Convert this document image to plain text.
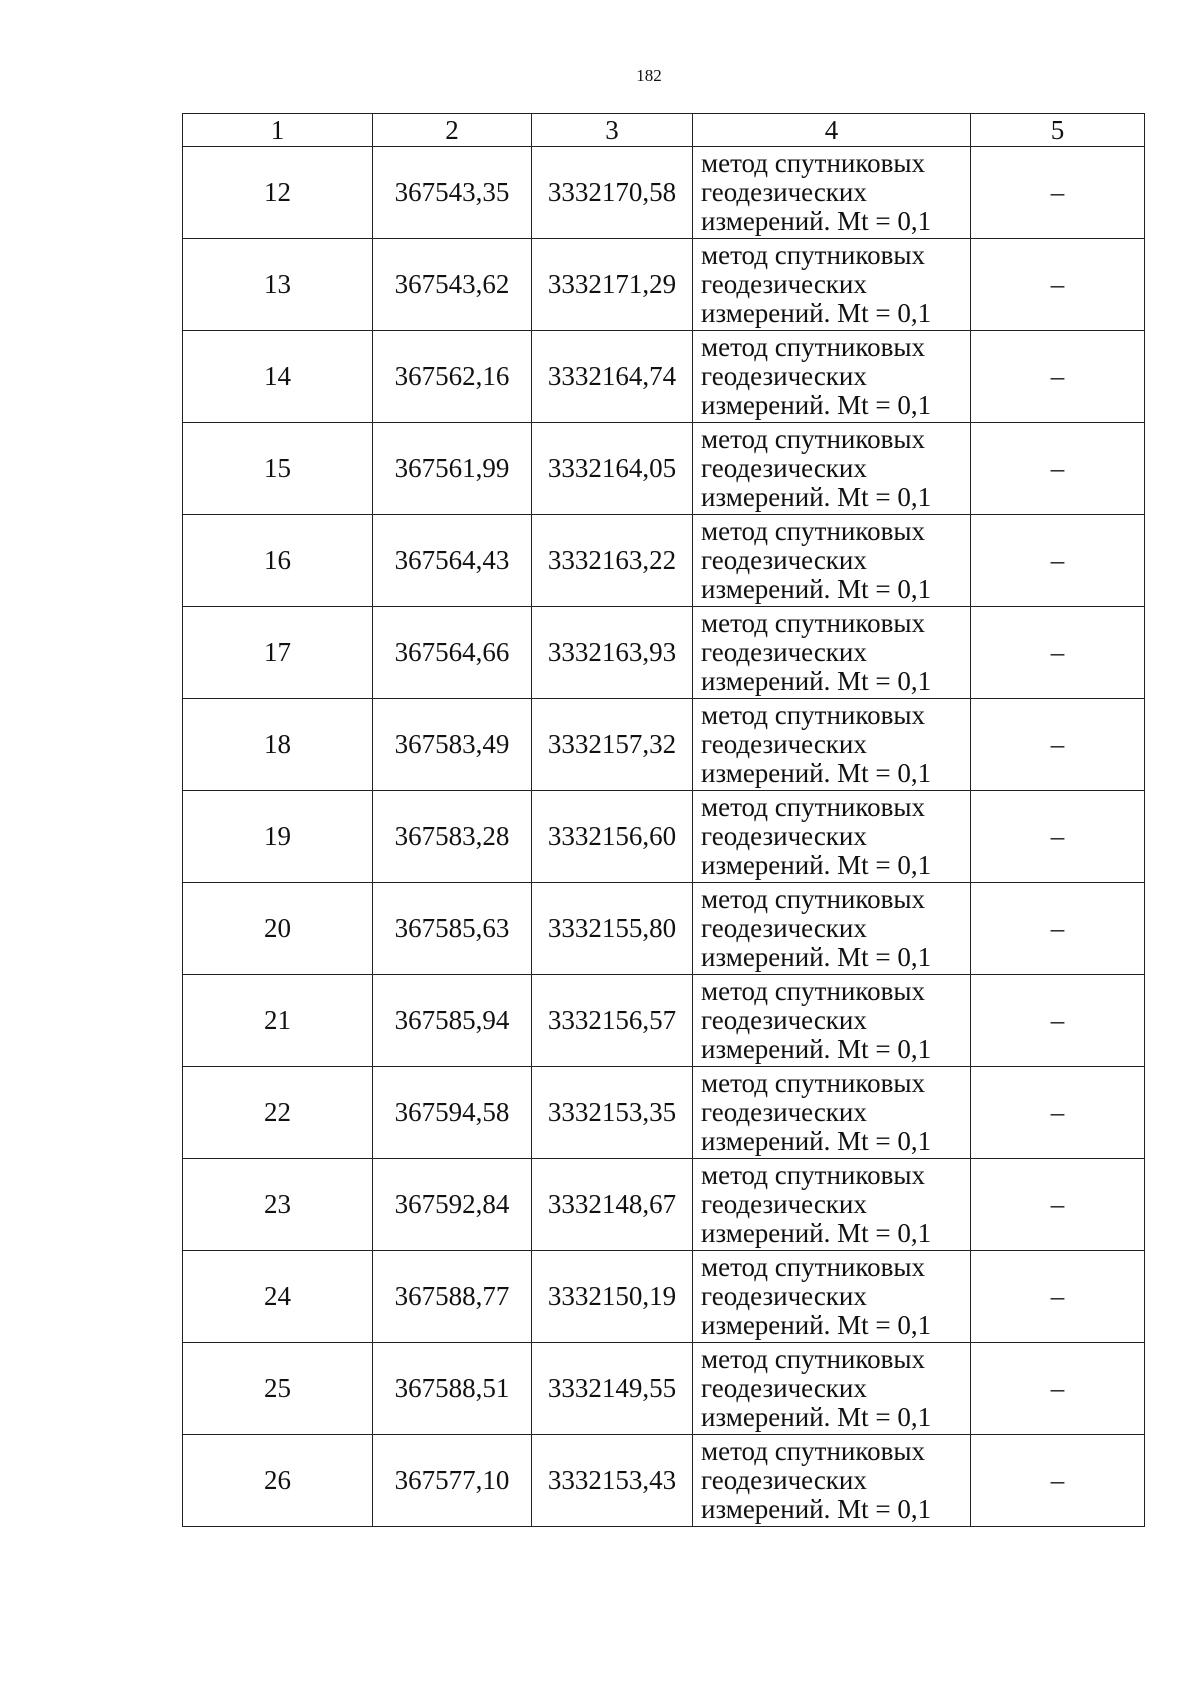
182
1	2	3	4	5
12	367543,35	3332170,58	метод спутниковых
геодезических
измерений. Mt = 0,1	–
13	367543,62	3332171,29	метод спутниковых
геодезических
измерений. Mt = 0,1	–
14	367562,16	3332164,74	метод спутниковых
геодезических
измерений. Mt = 0,1	–
15	367561,99	3332164,05	метод спутниковых
геодезических
измерений. Mt = 0,1	–
16	367564,43	3332163,22	метод спутниковых
геодезических
измерений. Mt = 0,1	–
17	367564,66	3332163,93	метод спутниковых
геодезических
измерений. Mt = 0,1	–
18	367583,49	3332157,32	метод спутниковых
геодезических
измерений. Mt = 0,1	–
19	367583,28	3332156,60	метод спутниковых
геодезических
измерений. Mt = 0,1	–
20	367585,63	3332155,80	метод спутниковых
геодезических
измерений. Mt = 0,1	–
21	367585,94	3332156,57	метод спутниковых
геодезических
измерений. Mt = 0,1	–
22	367594,58	3332153,35	метод спутниковых
геодезических
измерений. Mt = 0,1	–
23	367592,84	3332148,67	метод спутниковых
геодезических
измерений. Mt = 0,1	–
24	367588,77	3332150,19	метод спутниковых
геодезических
измерений. Mt = 0,1	–
25	367588,51	3332149,55	метод спутниковых
геодезических
измерений. Mt = 0,1	–
26	367577,10	3332153,43	метод спутниковых
геодезических
измерений. Mt = 0,1	–
